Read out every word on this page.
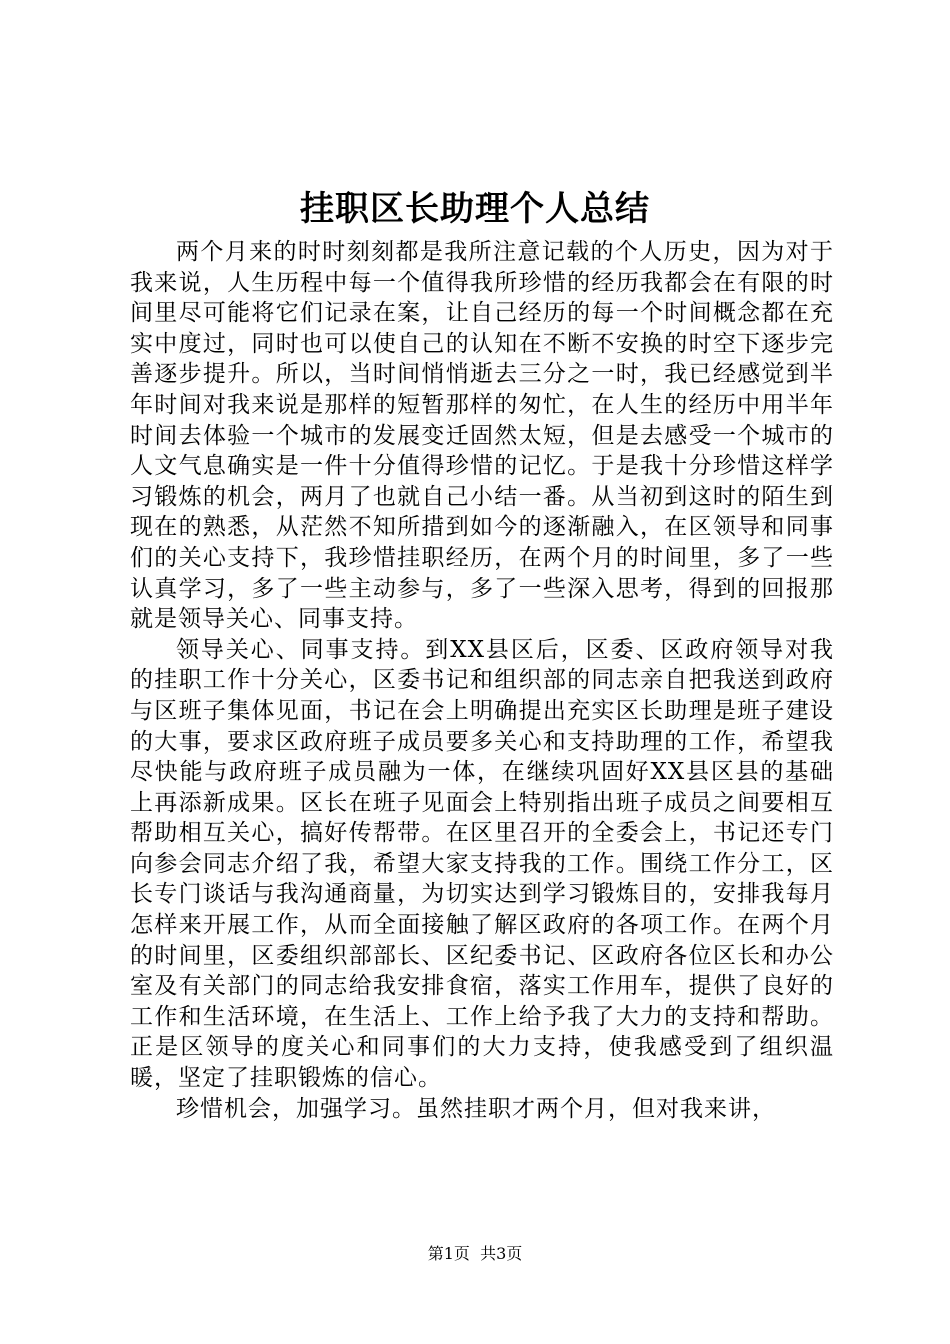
挂职区长助理个人总结

两个月来的时时刻刻都是我所注意记载的个人历史，因为对于我来说，人生历程中每一个值得我所珍惜的经历我都会在有限的时间里尽可能将它们记录在案，让自己经历的每一个时间概念都在充实中度过，同时也可以使自己的认知在不断不安换的时空下逐步完善逐步提升。所以，当时间悄悄逝去三分之一时，我已经感觉到半年时间对我来说是那样的短暂那样的匆忙，在人生的经历中用半年时间去体验一个城市的发展变迁固然太短，但是去感受一个城市的人文气息确实是一件十分值得珍惜的记忆。于是我十分珍惜这样学习锻炼的机会，两月了也就自己小结一番。从当初到这时的陌生到现在的熟悉，从茫然不知所措到如今的逐渐融入，在区领导和同事们的关心支持下，我珍惜挂职经历，在两个月的时间里，多了一些认真学习，多了一些主动参与，多了一些深入思考，得到的回报那就是领导关心、同事支持。

领导关心、同事支持。到XX县区后，区委、区政府领导对我的挂职工作十分关心，区委书记和组织部的同志亲自把我送到政府与区班子集体见面，书记在会上明确提出充实区长助理是班子建设的大事，要求区政府班子成员要多关心和支持助理的工作，希望我尽快能与政府班子成员融为一体，在继续巩固好XX县区县的基础上再添新成果。区长在班子见面会上特别指出班子成员之间要相互帮助相互关心，搞好传帮带。在区里召开的全委会上，书记还专门向参会同志介绍了我，希望大家支持我的工作。围绕工作分工，区长专门谈话与我沟通商量，为切实达到学习锻炼目的，安排我每月怎样来开展工作，从而全面接触了解区政府的各项工作。在两个月的时间里，区委组织部部长、区纪委书记、区政府各位区长和办公室及有关部门的同志给我安排食宿，落实工作用车，提供了良好的工作和生活环境，在生活上、工作上给予我了大力的支持和帮助。正是区领导的度关心和同事们的大力支持，使我感受到了组织温暖，坚定了挂职锻炼的信心。

珍惜机会，加强学习。虽然挂职才两个月，但对我来讲，

第1页 共3页
